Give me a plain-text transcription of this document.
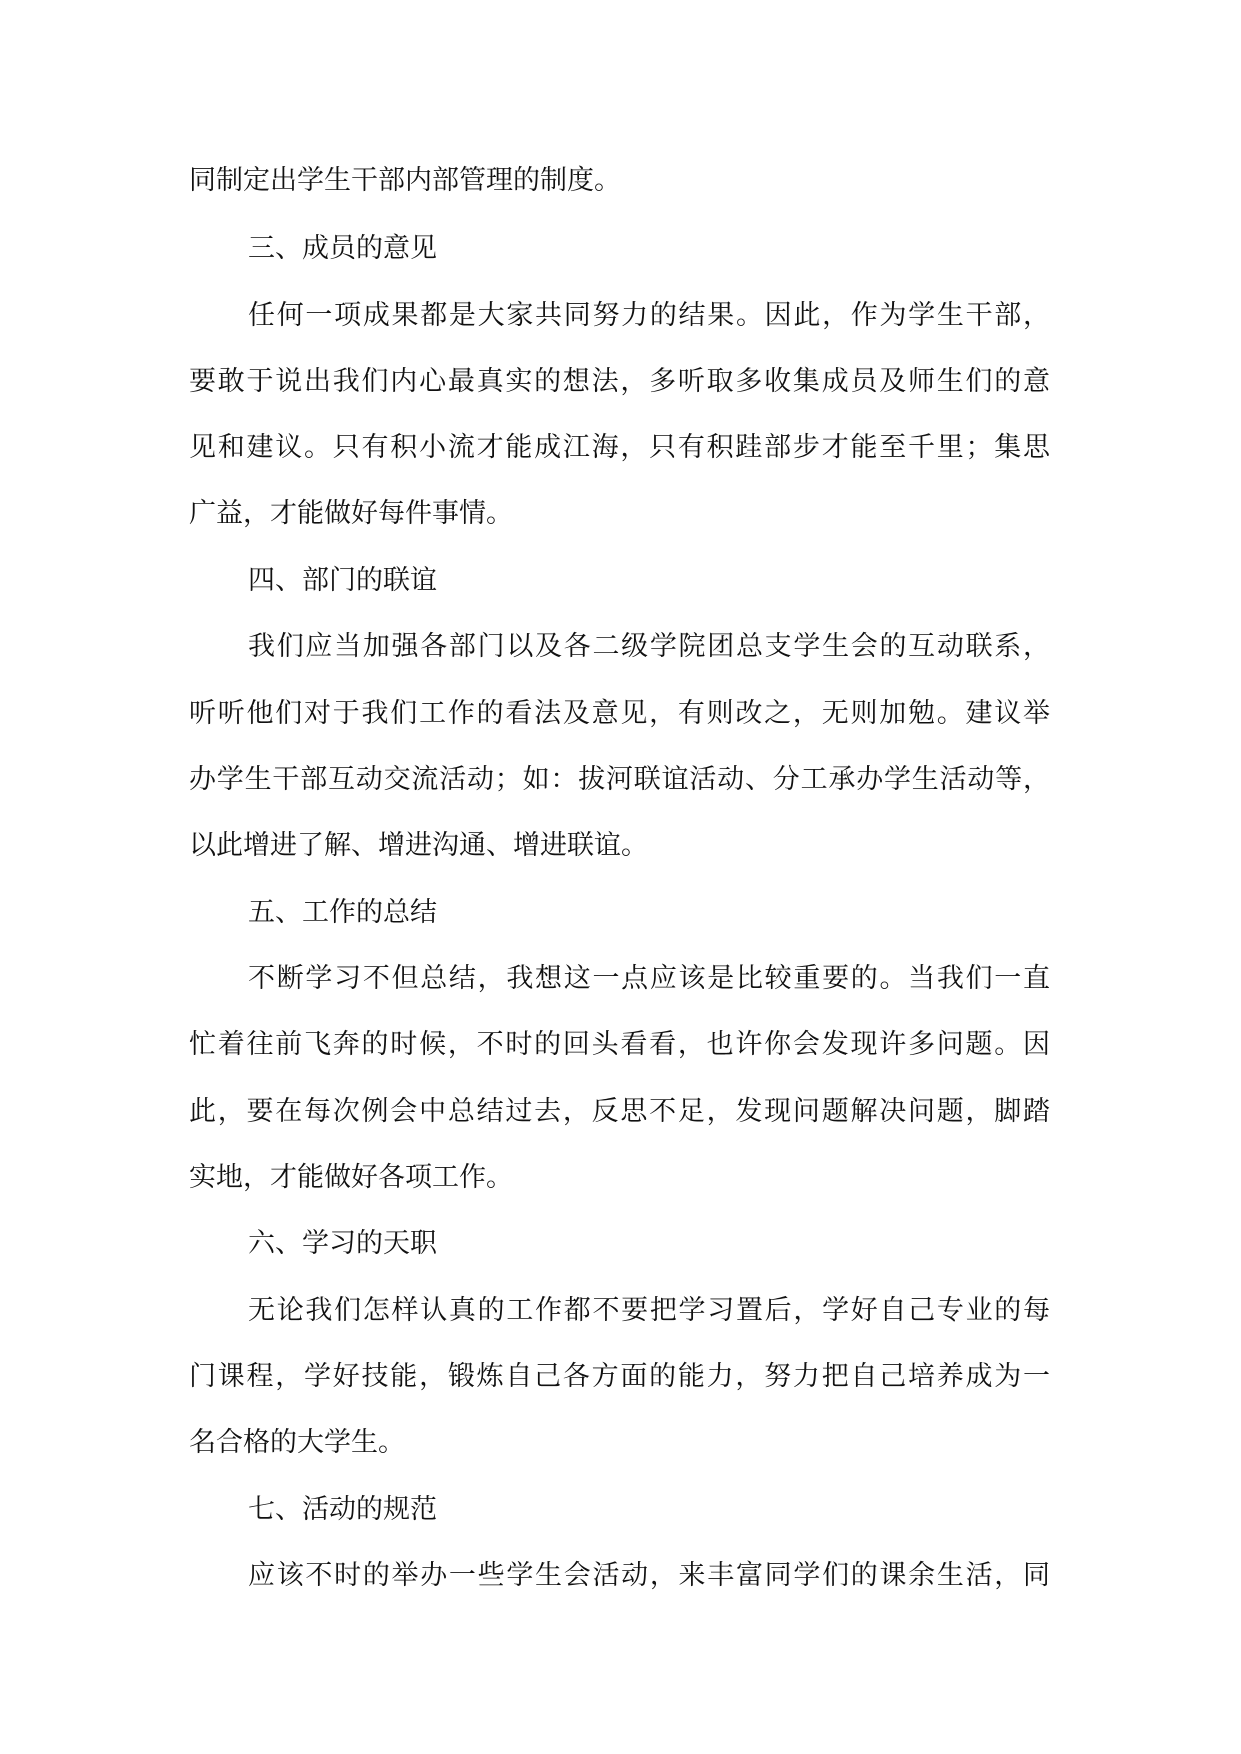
同制定出学生干部内部管理的制度。
三、成员的意见
任何一项成果都是大家共同努力的结果。因此，作为学生干部，
要敢于说出我们内心最真实的想法，多听取多收集成员及师生们的意
见和建议。只有积小流才能成江海，只有积跬部步才能至千里；集思
广益，才能做好每件事情。
四、部门的联谊
我们应当加强各部门以及各二级学院团总支学生会的互动联系，
听听他们对于我们工作的看法及意见，有则改之，无则加勉。建议举
办学生干部互动交流活动；如：拔河联谊活动、分工承办学生活动等，
以此增进了解、增进沟通、增进联谊。
五、工作的总结
不断学习不但总结，我想这一点应该是比较重要的。当我们一直
忙着往前飞奔的时候，不时的回头看看，也许你会发现许多问题。因
此，要在每次例会中总结过去，反思不足，发现问题解决问题，脚踏
实地，才能做好各项工作。
六、学习的天职
无论我们怎样认真的工作都不要把学习置后，学好自己专业的每
门课程，学好技能，锻炼自己各方面的能力，努力把自己培养成为一
名合格的大学生。
七、活动的规范
应该不时的举办一些学生会活动，来丰富同学们的课余生活，同
